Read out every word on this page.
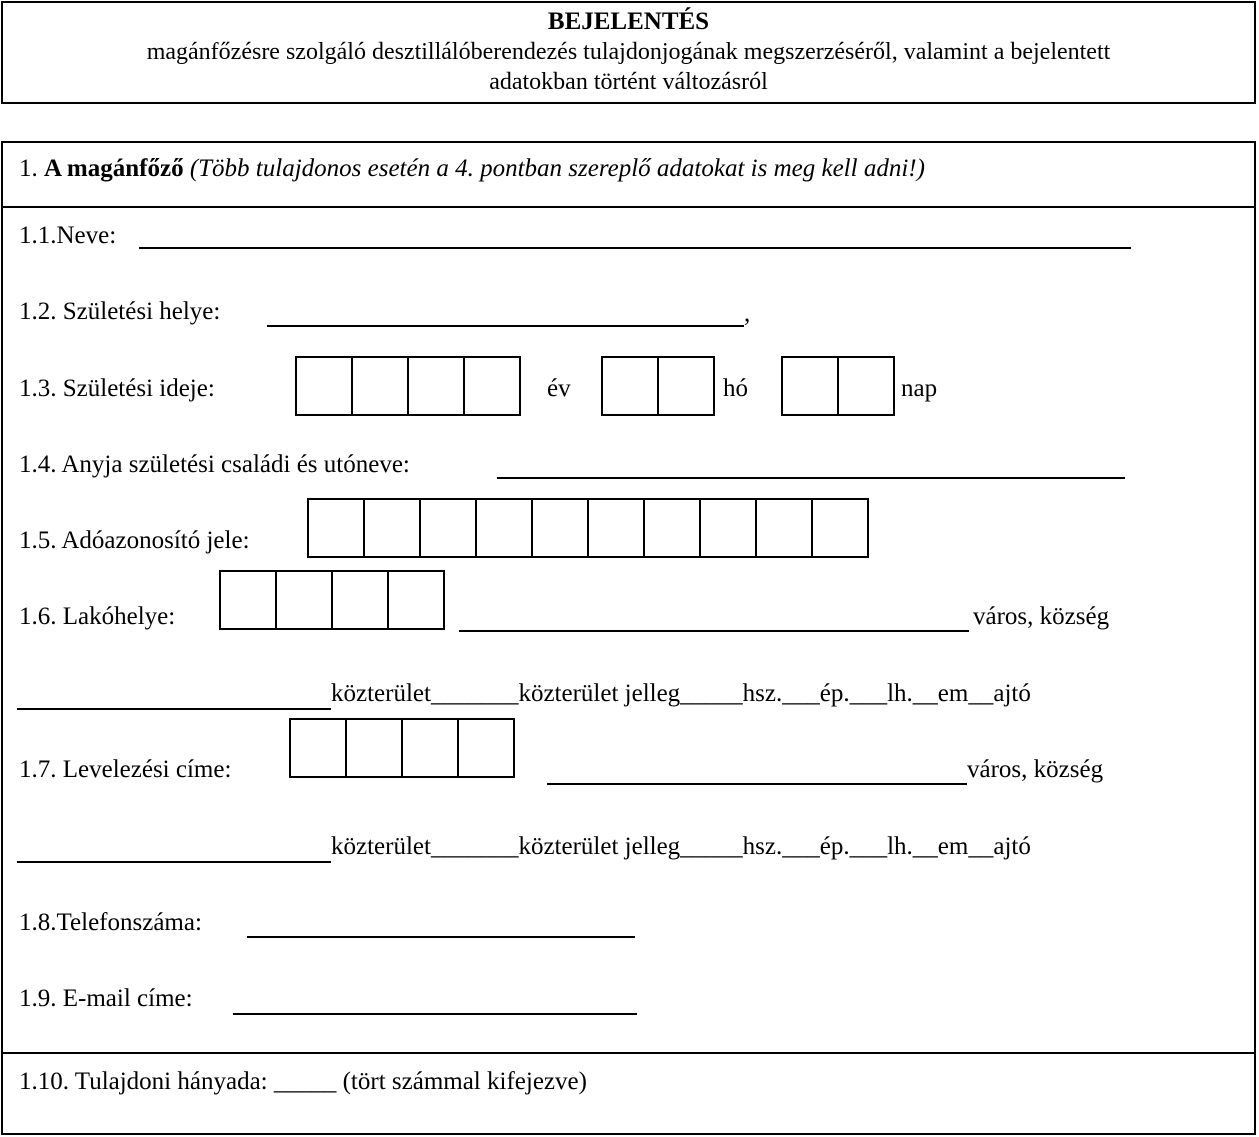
BEJELENTÉS
magánfőzésre szolgáló desztillálóberendezés tulajdonjogának megszerzéséről, valamint a bejelentett
adatokban történt változásról
1. A magánfőző (Több tulajdonos esetén a 4. pontban szereplő adatokat is meg kell adni!)
1.1.Neve:
1.2. Születési helye:	,
1.3. Születési ideje:	év	hó	nap
1.4. Anyja születési családi és utóneve:
1.5. Adóazonosító jele:
1.6. Lakóhelye:	város, község
közterület_______közterület jelleg_____hsz.___ép.___lh.__em__ajtó
1.7. Levelezési címe:	város, község
közterület_______közterület jelleg_____hsz.___ép.___lh.__em__ajtó
1.8.Telefonszáma:
1.9. E-mail címe:
1.10. Tulajdoni hányada: _____ (tört számmal kifejezve)
